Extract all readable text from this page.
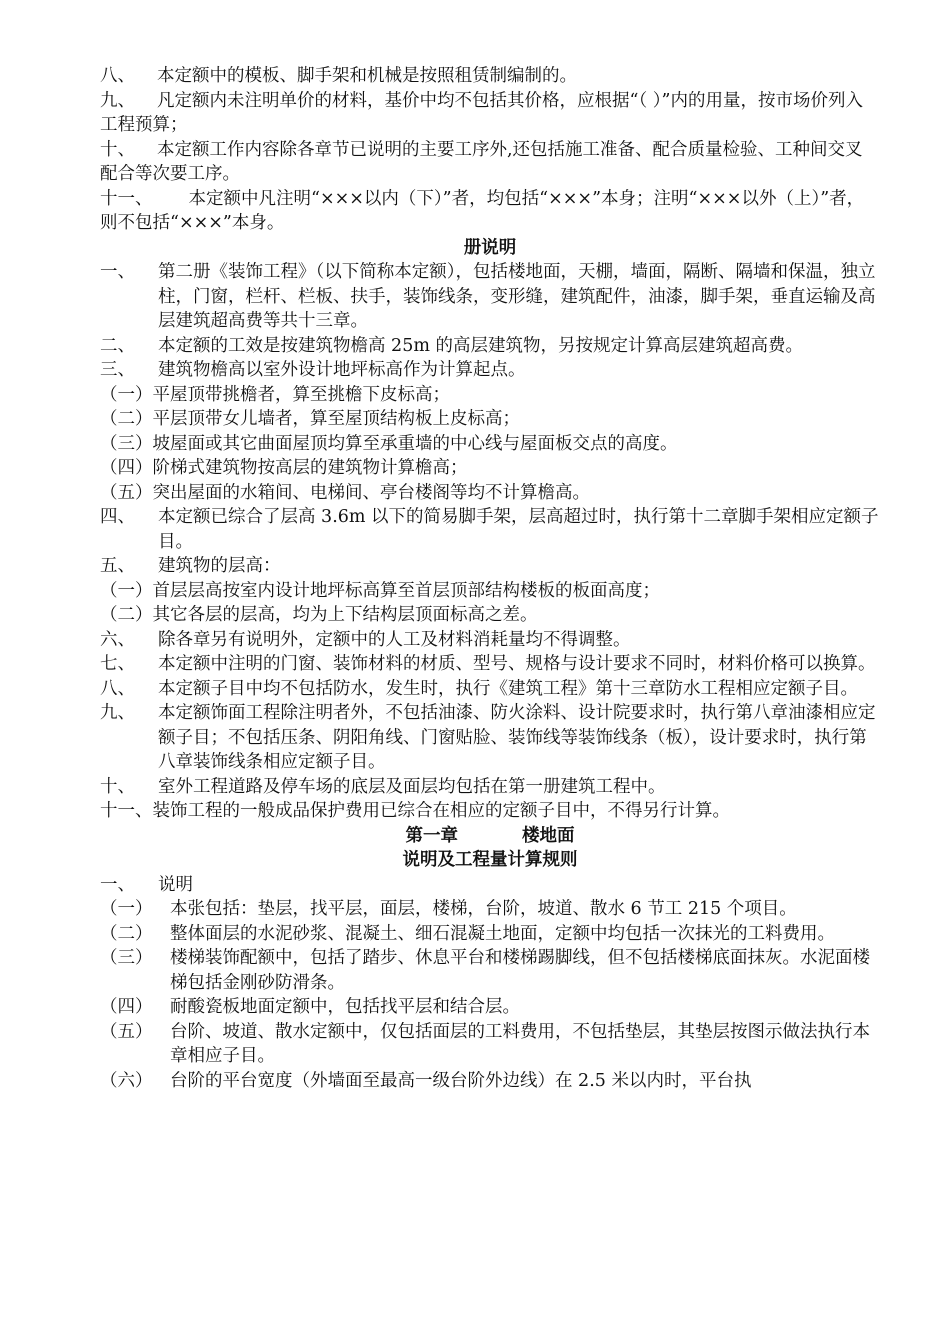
八、 本定额中的模板、脚手架和机械是按照租赁制编制的。

九、 凡定额内未注明单价的材料，基价中均不包括其价格，应根据“（ ）”内的用量，按市场价列入工程预算；

十、 本定额工作内容除各章节已说明的主要工序外,还包括施工准备、配合质量检验、工种间交叉配合等次要工序。

十一、 本定额中凡注明“×××以内（下）”者，均包括“×××”本身；注明“×××以外（上）”者，则不包括“×××”本身。

册说明

一、	第二册《装饰工程》（以下简称本定额），包括楼地面，天棚，墙面，隔断、隔墙和保温，独立柱，门窗，栏杆、栏板、扶手，装饰线条，变形缝，建筑配件，油漆，脚手架，垂直运输及高层建筑超高费等共十三章。

二、	本定额的工效是按建筑物檐高 25m 的高层建筑物，另按规定计算高层建筑超高费。

三、	建筑物檐高以室外设计地坪标高作为计算起点。

（一）平屋顶带挑檐者，算至挑檐下皮标高；

（二）平层顶带女儿墙者，算至屋顶结构板上皮标高；

（三）坡屋面或其它曲面屋顶均算至承重墙的中心线与屋面板交点的高度。

（四）阶梯式建筑物按高层的建筑物计算檐高；

（五）突出屋面的水箱间、电梯间、亭台楼阁等均不计算檐高。

四、	本定额已综合了层高 3.6m 以下的简易脚手架，层高超过时，执行第十二章脚手架相应定额子目。

五、	建筑物的层高：

（一）首层层高按室内设计地坪标高算至首层顶部结构楼板的板面高度；

（二）其它各层的层高，均为上下结构层顶面标高之差。

六、	除各章另有说明外，定额中的人工及材料消耗量均不得调整。

七、	本定额中注明的门窗、装饰材料的材质、型号、规格与设计要求不同时，材料价格可以换算。

八、	本定额子目中均不包括防水，发生时，执行《建筑工程》第十三章防水工程相应定额子目。

九、	本定额饰面工程除注明者外，不包括油漆、防火涂料、设计院要求时，执行第八章油漆相应定额子目；不包括压条、阴阳角线、门窗贴脸、装饰线等装饰线条（板），设计要求时，执行第八章装饰线条相应定额子目。

十、	室外工程道路及停车场的底层及面层均包括在第一册建筑工程中。

十一、装饰工程的一般成品保护费用已综合在相应的定额子目中，不得另行计算。

第一章	楼地面
说明及工程量计算规则

一、	说明

（一）	本张包括：垫层，找平层，面层，楼梯，台阶，坡道、散水 6 节工 215 个项目。

（二）	整体面层的水泥砂浆、混凝土、细石混凝土地面，定额中均包括一次抹光的工料费用。

（三）	楼梯装饰配额中，包括了踏步、休息平台和楼梯踢脚线，但不包括楼梯底面抹灰。水泥面楼梯包括金刚砂防滑条。

（四）	耐酸瓷板地面定额中，包括找平层和结合层。

（五）	台阶、坡道、散水定额中，仅包括面层的工料费用，不包括垫层，其垫层按图示做法执行本章相应子目。

（六）	台阶的平台宽度（外墙面至最高一级台阶外边线）在 2.5 米以内时，平台执
